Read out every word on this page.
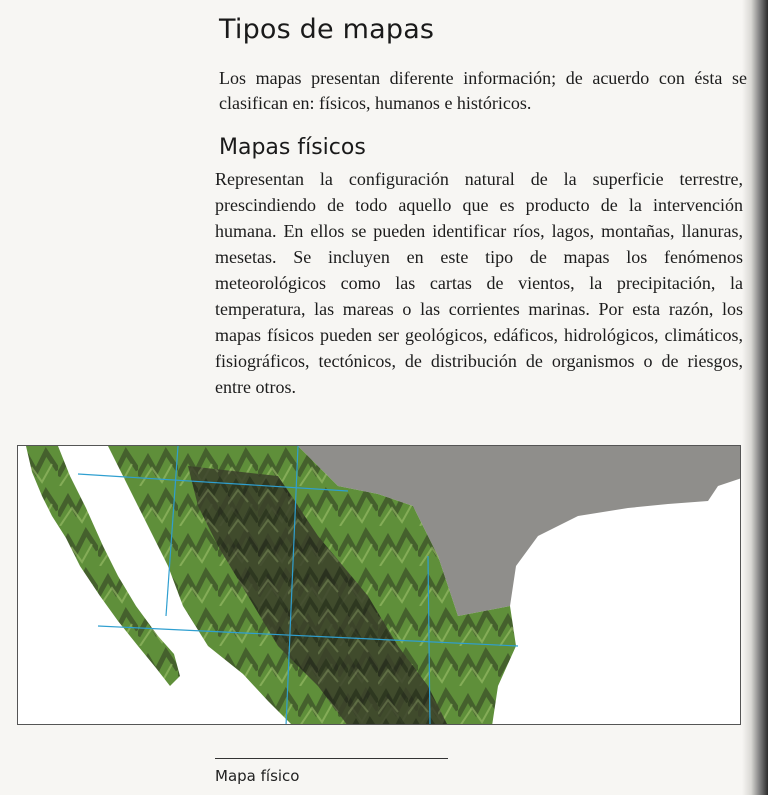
Tipos de mapas

Los mapas presentan diferente información; de acuerdo con ésta se clasifican en: físicos, humanos e históricos.

Mapas físicos

Representan la configuración natural de la superficie terrestre, prescindiendo de todo aquello que es producto de la intervención humana. En ellos se pueden identificar ríos, lagos, montañas, llanuras, mesetas. Se incluyen en este tipo de mapas los fenómenos meteorológicos como las cartas de vientos, la precipitación, la temperatura, las mareas o las corrientes marinas. Por esta razón, los mapas físicos pueden ser geológicos, edáficos, hidrológicos, climáticos, fisiográficos, tectónicos, de distribución de organismos o de riesgos, entre otros.

Mapa físico
